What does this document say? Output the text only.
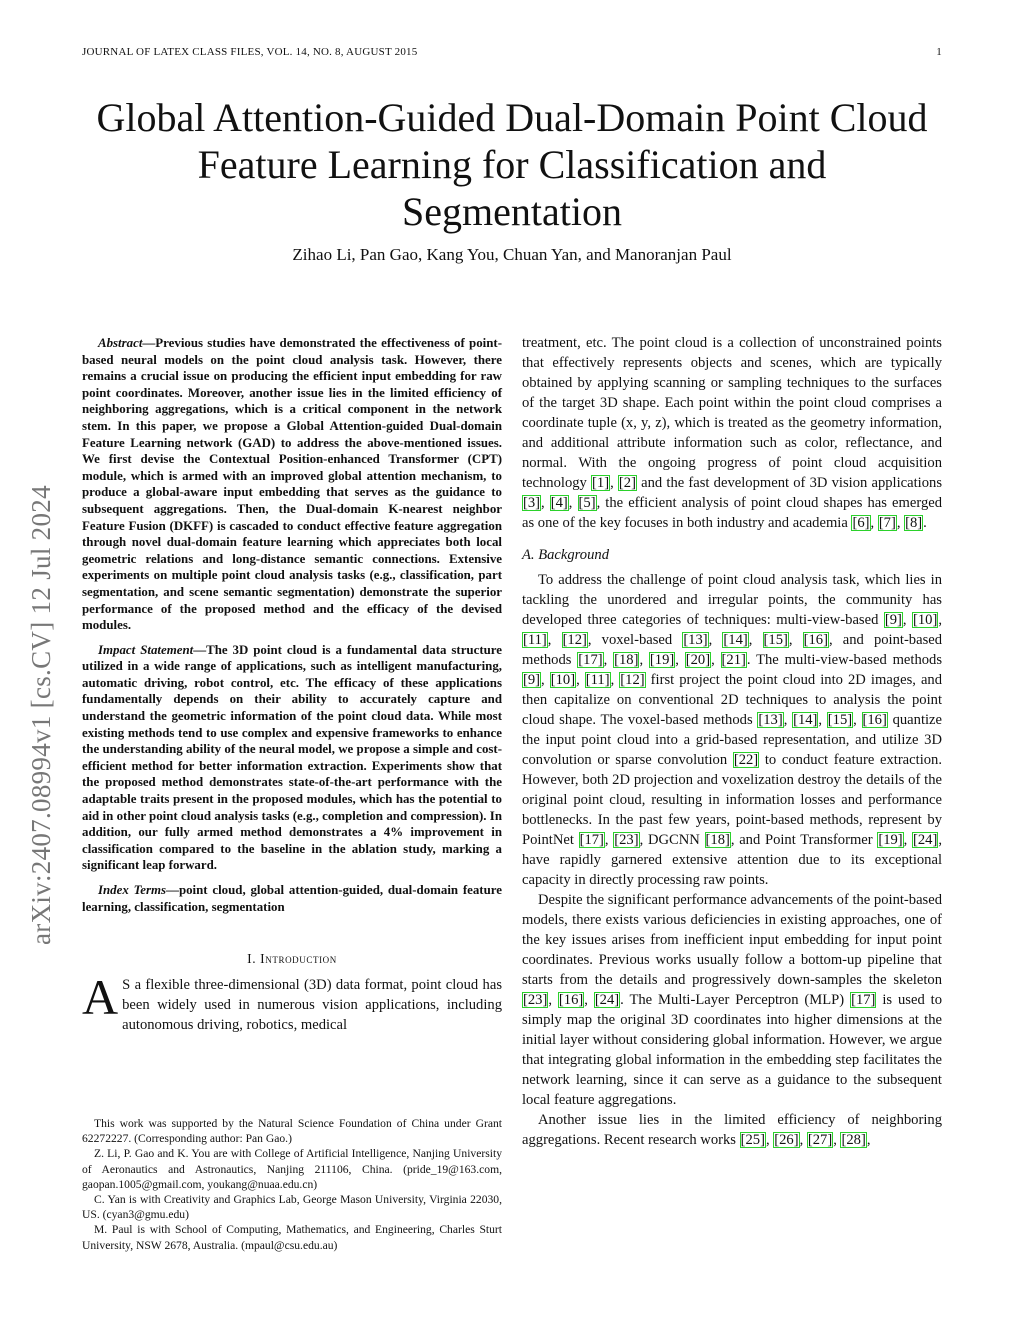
JOURNAL OF LATEX CLASS FILES, VOL. 14, NO. 8, AUGUST 2015	1
arXiv:2407.08994v1 [cs.CV] 12 Jul 2024
Global Attention-Guided Dual-Domain Point Cloud
Feature Learning for Classification and
Segmentation
Zihao Li, Pan Gao, Kang You, Chuan Yan, and Manoranjan Paul

Abstract—Previous studies have demonstrated the effectiveness of point-based neural models on the point cloud analysis task. However, there remains a crucial issue on producing the efficient input embedding for raw point coordinates. Moreover, another issue lies in the limited efficiency of neighboring aggregations, which is a critical component in the network stem. In this paper, we propose a Global Attention-guided Dual-domain Feature Learning network (GAD) to address the above-mentioned issues. We first devise the Contextual Position-enhanced Transformer (CPT) module, which is armed with an improved global attention mechanism, to produce a global-aware input embedding that serves as the guidance to subsequent aggregations. Then, the Dual-domain K-nearest neighbor Feature Fusion (DKFF) is cascaded to conduct effective feature aggregation through novel dual-domain feature learning which appreciates both local geometric relations and long-distance semantic connections. Extensive experiments on multiple point cloud analysis tasks (e.g., classification, part segmentation, and scene semantic segmentation) demonstrate the superior performance of the proposed method and the efficacy of the devised modules.

Impact Statement—The 3D point cloud is a fundamental data structure utilized in a wide range of applications, such as intelligent manufacturing, automatic driving, robot control, etc. The efficacy of these applications fundamentally depends on their ability to accurately capture and understand the geometric information of the point cloud data. While most existing methods tend to use complex and expensive frameworks to enhance the understanding ability of the neural model, we propose a simple and cost-efficient method for better information extraction. Experiments show that the proposed method demonstrates state-of-the-art performance with the adaptable traits present in the proposed modules, which has the potential to aid in other point cloud analysis tasks (e.g., completion and compression). In addition, our fully armed method demonstrates a 4% improvement in classification compared to the baseline in the ablation study, marking a significant leap forward.

Index Terms—point cloud, global attention-guided, dual-domain feature learning, classification, segmentation

I. Introduction

A S a flexible three-dimensional (3D) data format, point cloud has been widely used in numerous vision applications, including autonomous driving, robotics, medical

This work was supported by the Natural Science Foundation of China under Grant 62272227. (Corresponding author: Pan Gao.)

Z. Li, P. Gao and K. You are with College of Artificial Intelligence, Nanjing University of Aeronautics and Astronautics, Nanjing 211106, China. (pride_19@163.com, gaopan.1005@gmail.com, youkang@nuaa.edu.cn)

C. Yan is with Creativity and Graphics Lab, George Mason University, Virginia 22030, US. (cyan3@gmu.edu)

M. Paul is with School of Computing, Mathematics, and Engineering, Charles Sturt University, NSW 2678, Australia. (mpaul@csu.edu.au)

treatment, etc. The point cloud is a collection of unconstrained points that effectively represents objects and scenes, which are typically obtained by applying scanning or sampling techniques to the surfaces of the target 3D shape. Each point within the point cloud comprises a coordinate tuple (x, y, z), which is treated as the geometry information, and additional attribute information such as color, reflectance, and normal. With the ongoing progress of point cloud acquisition technology [1], [2] and the fast development of 3D vision applications [3], [4], [5], the efficient analysis of point cloud shapes has emerged as one of the key focuses in both industry and academia [6], [7], [8].

A. Background

To address the challenge of point cloud analysis task, which lies in tackling the unordered and irregular points, the community has developed three categories of techniques: multi-view-based [9], [10], [11], [12], voxel-based [13], [14], [15], [16], and point-based methods [17], [18], [19], [20], [21]. The multi-view-based methods [9], [10], [11], [12] first project the point cloud into 2D images, and then capitalize on conventional 2D techniques to analysis the point cloud shape. The voxel-based methods [13], [14], [15], [16] quantize the input point cloud into a grid-based representation, and utilize 3D convolution or sparse convolution [22] to conduct feature extraction. However, both 2D projection and voxelization destroy the details of the original point cloud, resulting in information losses and performance bottlenecks. In the past few years, point-based methods, represent by PointNet [17], [23], DGCNN [18], and Point Transformer [19], [24], have rapidly garnered extensive attention due to its exceptional capacity in directly processing raw points.

Despite the significant performance advancements of the point-based models, there exists various deficiencies in existing approaches, one of the key issues arises from inefficient input embedding for input point coordinates. Previous works usually follow a bottom-up pipeline that starts from the details and progressively down-samples the skeleton [23], [16], [24]. The Multi-Layer Perceptron (MLP) [17] is used to simply map the original 3D coordinates into higher dimensions at the initial layer without considering global information. However, we argue that integrating global information in the embedding step facilitates the network learning, since it can serve as a guidance to the subsequent local feature aggregations.

Another issue lies in the limited efficiency of neighboring aggregations. Recent research works [25], [26], [27], [28],
